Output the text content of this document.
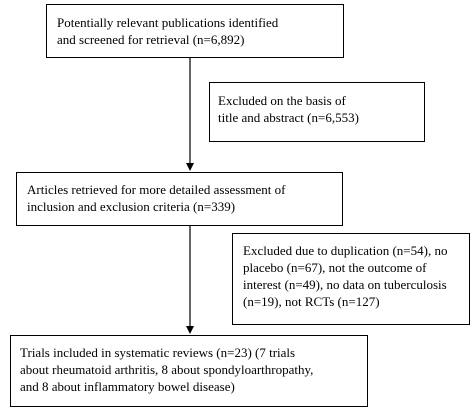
Potentially relevant publications identified
and screened for retrieval (n=6,892)
Excluded on the basis of
title and abstract (n=6,553)
Articles retrieved for more detailed assessment of
inclusion and exclusion criteria (n=339)
Excluded due to duplication (n=54), no
placebo (n=67), not the outcome of
interest (n=49), no data on tuberculosis
(n=19), not RCTs (n=127)
Trials included in systematic reviews (n=23) (7 trials
about rheumatoid arthritis, 8 about spondyloarthropathy,
and 8 about inflammatory bowel disease)
